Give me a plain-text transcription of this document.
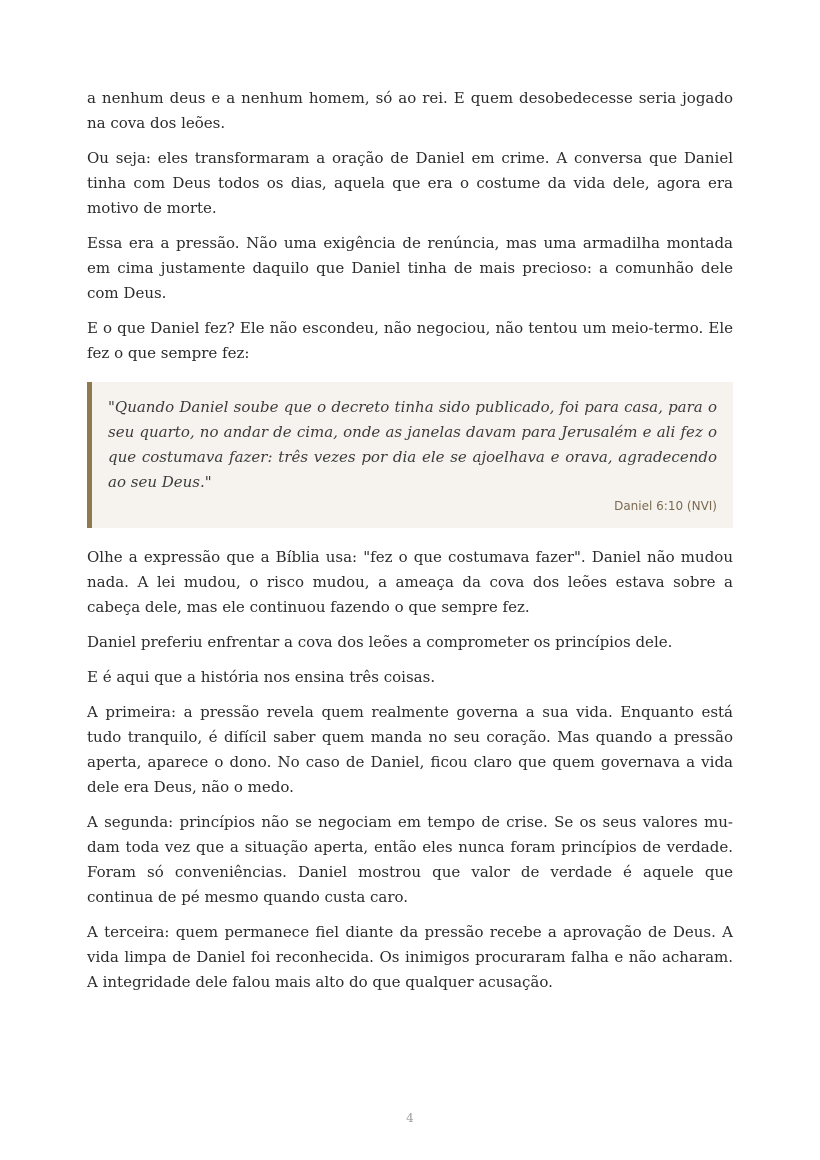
a nenhum deus e a nenhum homem, só ao rei. E quem desobedecesse seria jogado na cova dos leões.

Ou seja: eles transformaram a oração de Daniel em crime. A conversa que Daniel tinha com Deus todos os dias, aquela que era o costume da vida dele, agora era motivo de morte.

Essa era a pressão. Não uma exigência de renúncia, mas uma armadilha montada em cima justamente daquilo que Daniel tinha de mais precioso: a comunhão dele com Deus.

E o que Daniel fez? Ele não escondeu, não negociou, não tentou um meio-termo. Ele fez o que sempre fez:

"Quando Daniel soube que o decreto tinha sido publicado, foi para casa, para o seu quarto, no andar de cima, onde as janelas davam para Jerusalém e ali fez o que costumava fazer: três vezes por dia ele se ajoelhava e orava, agradecendo ao seu Deus."

Daniel 6:10 (NVI)

Olhe a expressão que a Bíblia usa: "fez o que costumava fazer". Daniel não mudou nada. A lei mudou, o risco mudou, a ameaça da cova dos leões estava sobre a cabeça dele, mas ele continuou fazendo o que sempre fez.

Daniel preferiu enfrentar a cova dos leões a comprometer os princípios dele.

E é aqui que a história nos ensina três coisas.

A primeira: a pressão revela quem realmente governa a sua vida. Enquanto está tudo tranquilo, é difícil saber quem manda no seu coração. Mas quando a pressão aperta, aparece o dono. No caso de Daniel, ficou claro que quem governava a vida dele era Deus, não o medo.

A segunda: princípios não se negociam em tempo de crise. Se os seus valores mudam toda vez que a situação aperta, então eles nunca foram princípios de verdade. Foram só conveniências. Daniel mostrou que valor de verdade é aquele que continua de pé mesmo quando custa caro.

A terceira: quem permanece fiel diante da pressão recebe a aprovação de Deus. A vida limpa de Daniel foi reconhecida. Os inimigos procuraram falha e não acharam. A integridade dele falou mais alto do que qualquer acusação.

4
